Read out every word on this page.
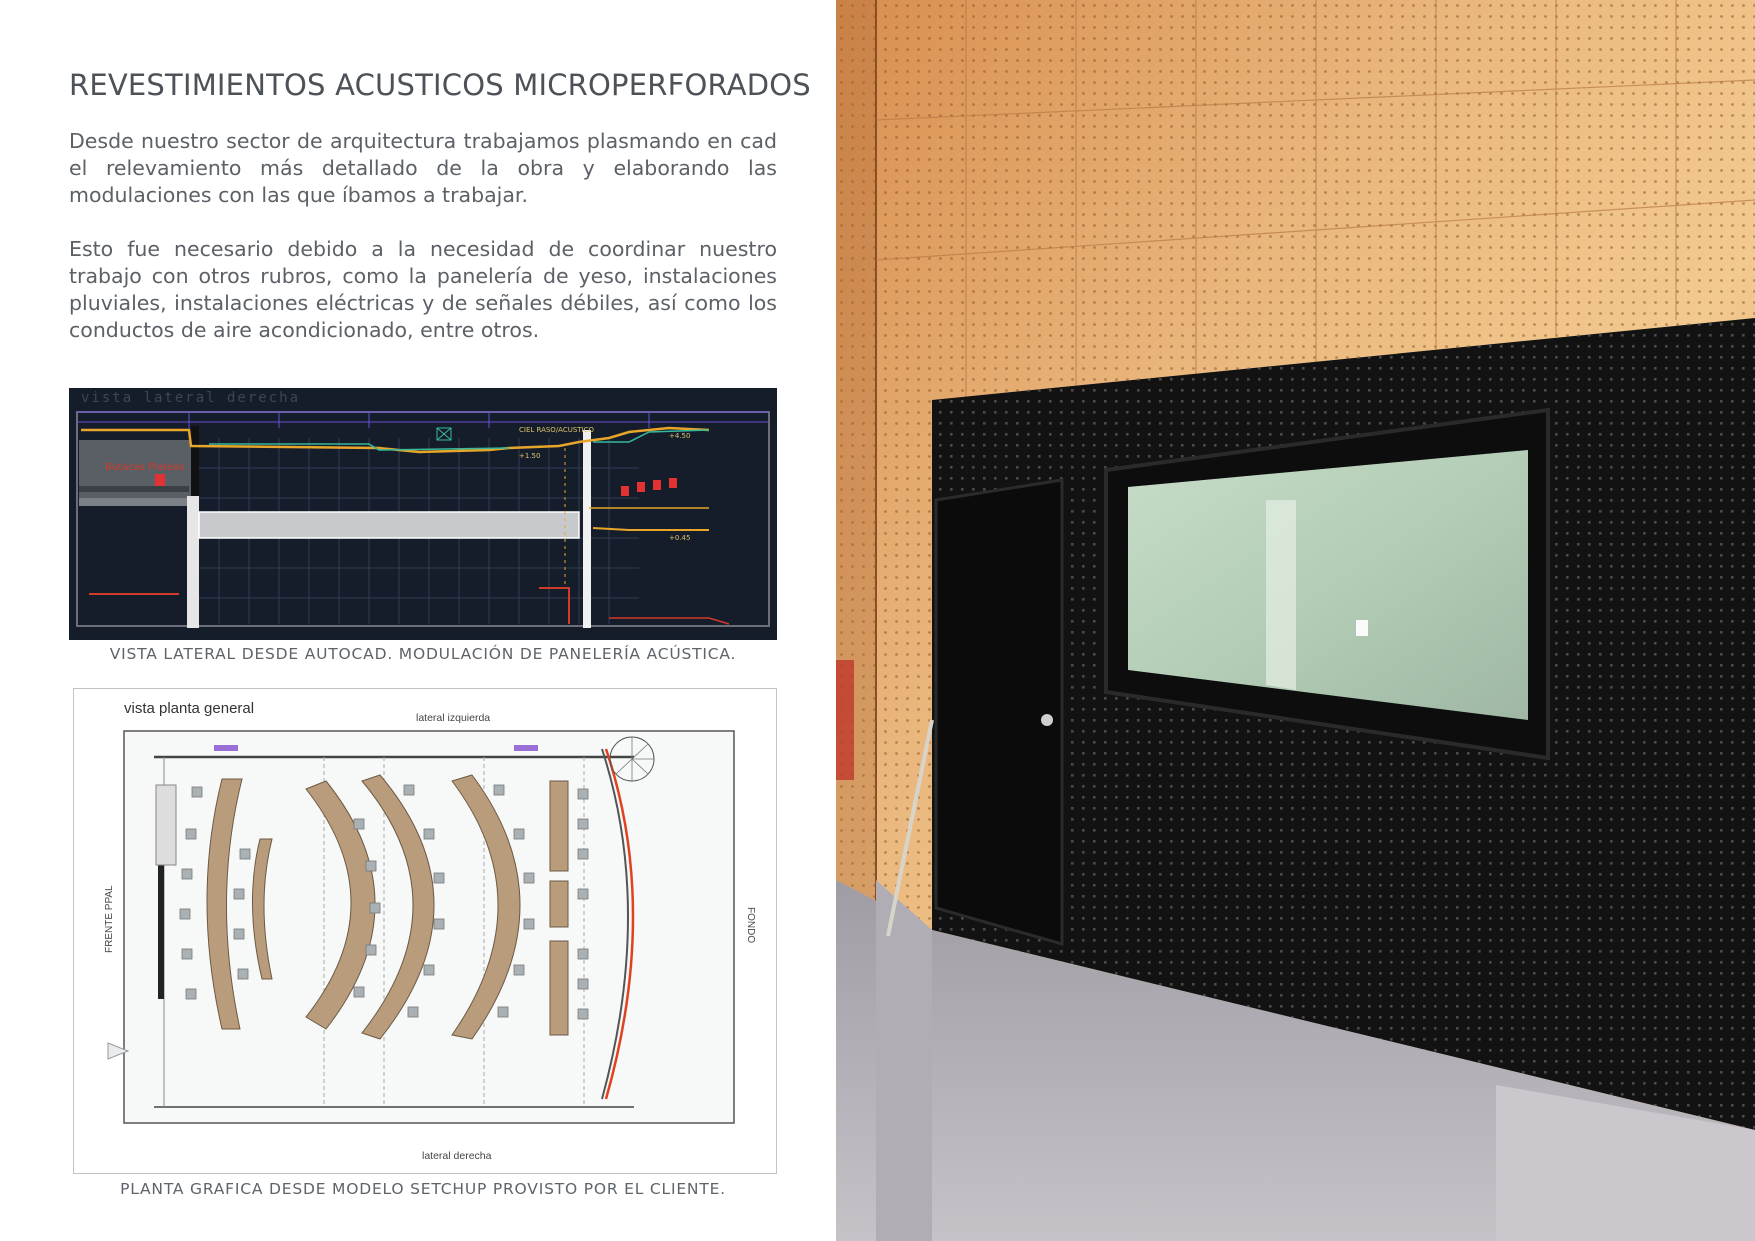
REVESTIMIENTOS ACUSTICOS MICROPERFORADOS
Desde nuestro sector de arquitectura trabajamos plasmando en cad el relevamiento más detallado de la obra y elaborando las modulaciones con las que íbamos a trabajar.
Esto fue necesario debido a la necesidad de coordinar nuestro trabajo con otros rubros, como la panelería de yeso, instalaciones pluviales, instalaciones eléctricas y de señales débiles, así como los conductos de aire acondicionado, entre otros.
vista lateral derecha
Butacas Plateas
CIEL RASO/ACUSTICO
+4.50
+1.50
+0.45
VISTA LATERAL DESDE AUTOCAD. MODULACIÓN DE PANELERÍA ACÚSTICA.
vista planta general
lateral izquierda
lateral derecha
FRENTE PPAL	FONDO
PLANTA GRAFICA DESDE MODELO SETCHUP PROVISTO POR EL CLIENTE.
